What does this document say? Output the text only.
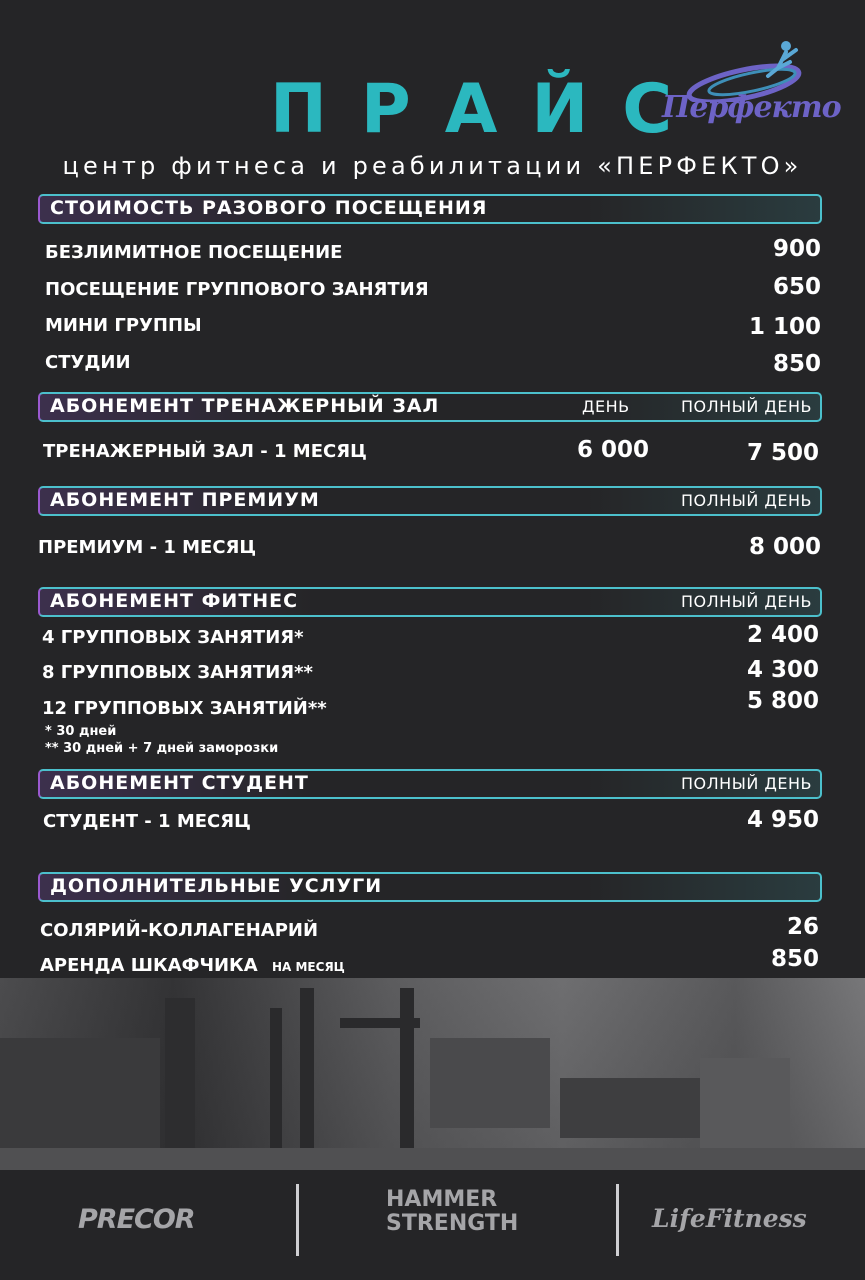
ПРАЙС
Перфекто
центр фитнеса и реабилитации «ПЕРФЕКТО»
СТОИМОСТЬ РАЗОВОГО ПОСЕЩЕНИЯ
БЕЗЛИМИТНОЕ ПОСЕЩЕНИЕ	900
ПОСЕЩЕНИЕ ГРУППОВОГО ЗАНЯТИЯ	650
МИНИ ГРУППЫ	1 100
СТУДИИ	850
АБОНЕМЕНТ ТРЕНАЖЕРНЫЙ ЗАЛ	ДЕНЬ	ПОЛНЫЙ ДЕНЬ
ТРЕНАЖЕРНЫЙ ЗАЛ - 1 МЕСЯЦ	6 000	7 500
АБОНЕМЕНТ ПРЕМИУМ	ПОЛНЫЙ ДЕНЬ
ПРЕМИУМ - 1 МЕСЯЦ	8 000
АБОНЕМЕНТ ФИТНЕС	ПОЛНЫЙ ДЕНЬ
4 ГРУППОВЫХ ЗАНЯТИЯ*	2 400
8 ГРУППОВЫХ ЗАНЯТИЯ**	4 300
12 ГРУППОВЫХ ЗАНЯТИЙ**	5 800
* 30 дней
** 30 дней + 7 дней заморозки
АБОНЕМЕНТ СТУДЕНТ	ПОЛНЫЙ ДЕНЬ
СТУДЕНТ - 1 МЕСЯЦ	4 950
ДОПОЛНИТЕЛЬНЫЕ УСЛУГИ
СОЛЯРИЙ-КОЛЛАГЕНАРИЙ	26
АРЕНДА ШКАФЧИКА НА МЕСЯЦ	850
PRECOR
HAMMER
STRENGTH	LifeFitness
